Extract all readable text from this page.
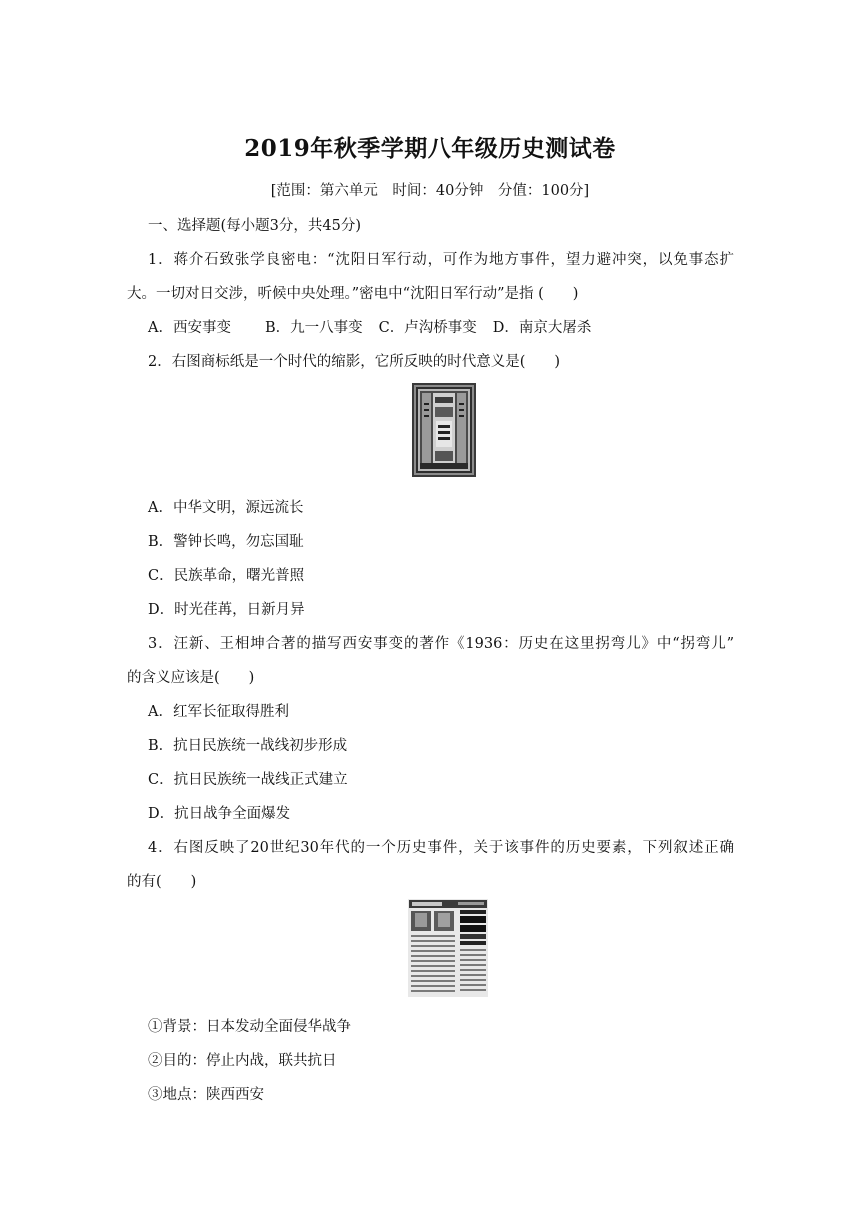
2019年秋季学期八年级历史测试卷
[范围：第六单元　时间：40分钟　分值：100分]
一、选择题(每小题3分，共45分)
1．蒋介石致张学良密电：“沈阳日军行动，可作为地方事件，望力避冲突，以免事态扩
大。一切对日交涉，听候中央处理。”密电中“沈阳日军行动”是指 (　　)
A．西安事变 B．九一八事变 C．卢沟桥事变 D．南京大屠杀
2．右图商标纸是一个时代的缩影，它所反映的时代意义是(　　)
A．中华文明，源远流长
B．警钟长鸣，勿忘国耻
C．民族革命，曙光普照
D．时光荏苒，日新月异
3．汪新、王相坤合著的描写西安事变的著作《1936：历史在这里拐弯儿》中“拐弯儿”
的含义应该是(　　)
A．红军长征取得胜利
B．抗日民族统一战线初步形成
C．抗日民族统一战线正式建立
D．抗日战争全面爆发
4．右图反映了20世纪30年代的一个历史事件，关于该事件的历史要素，下列叙述正确
的有(　　)
①背景：日本发动全面侵华战争
②目的：停止内战，联共抗日
③地点：陕西西安
